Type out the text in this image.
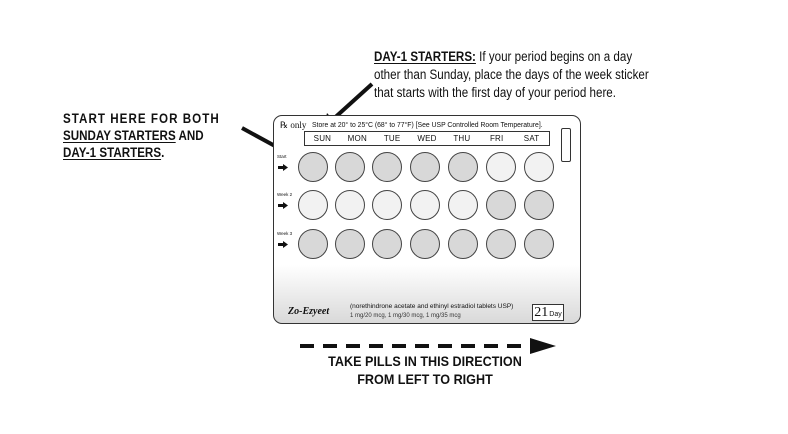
START HERE FOR BOTH
SUNDAY STARTERS AND
DAY-1 STARTERS.
DAY-1 STARTERS: If your period begins on a day
other than Sunday, place the days of the week sticker
that starts with the first day of your period here.
℞ only Store at 20° to 25°C (68° to 77°F) [See USP Controlled Room Temperature].
SUN	MON	TUE	WED	THU	FRI	SAT
Start
Week 2
Week 3
Zo-Ezyeet	(norethindrone acetate and ethinyl estradiol tablets USP)
1 mg/20 mcg, 1 mg/30 mcg, 1 mg/35 mcg	21 Day
TAKE PILLS IN THIS DIRECTION
FROM LEFT TO RIGHT
